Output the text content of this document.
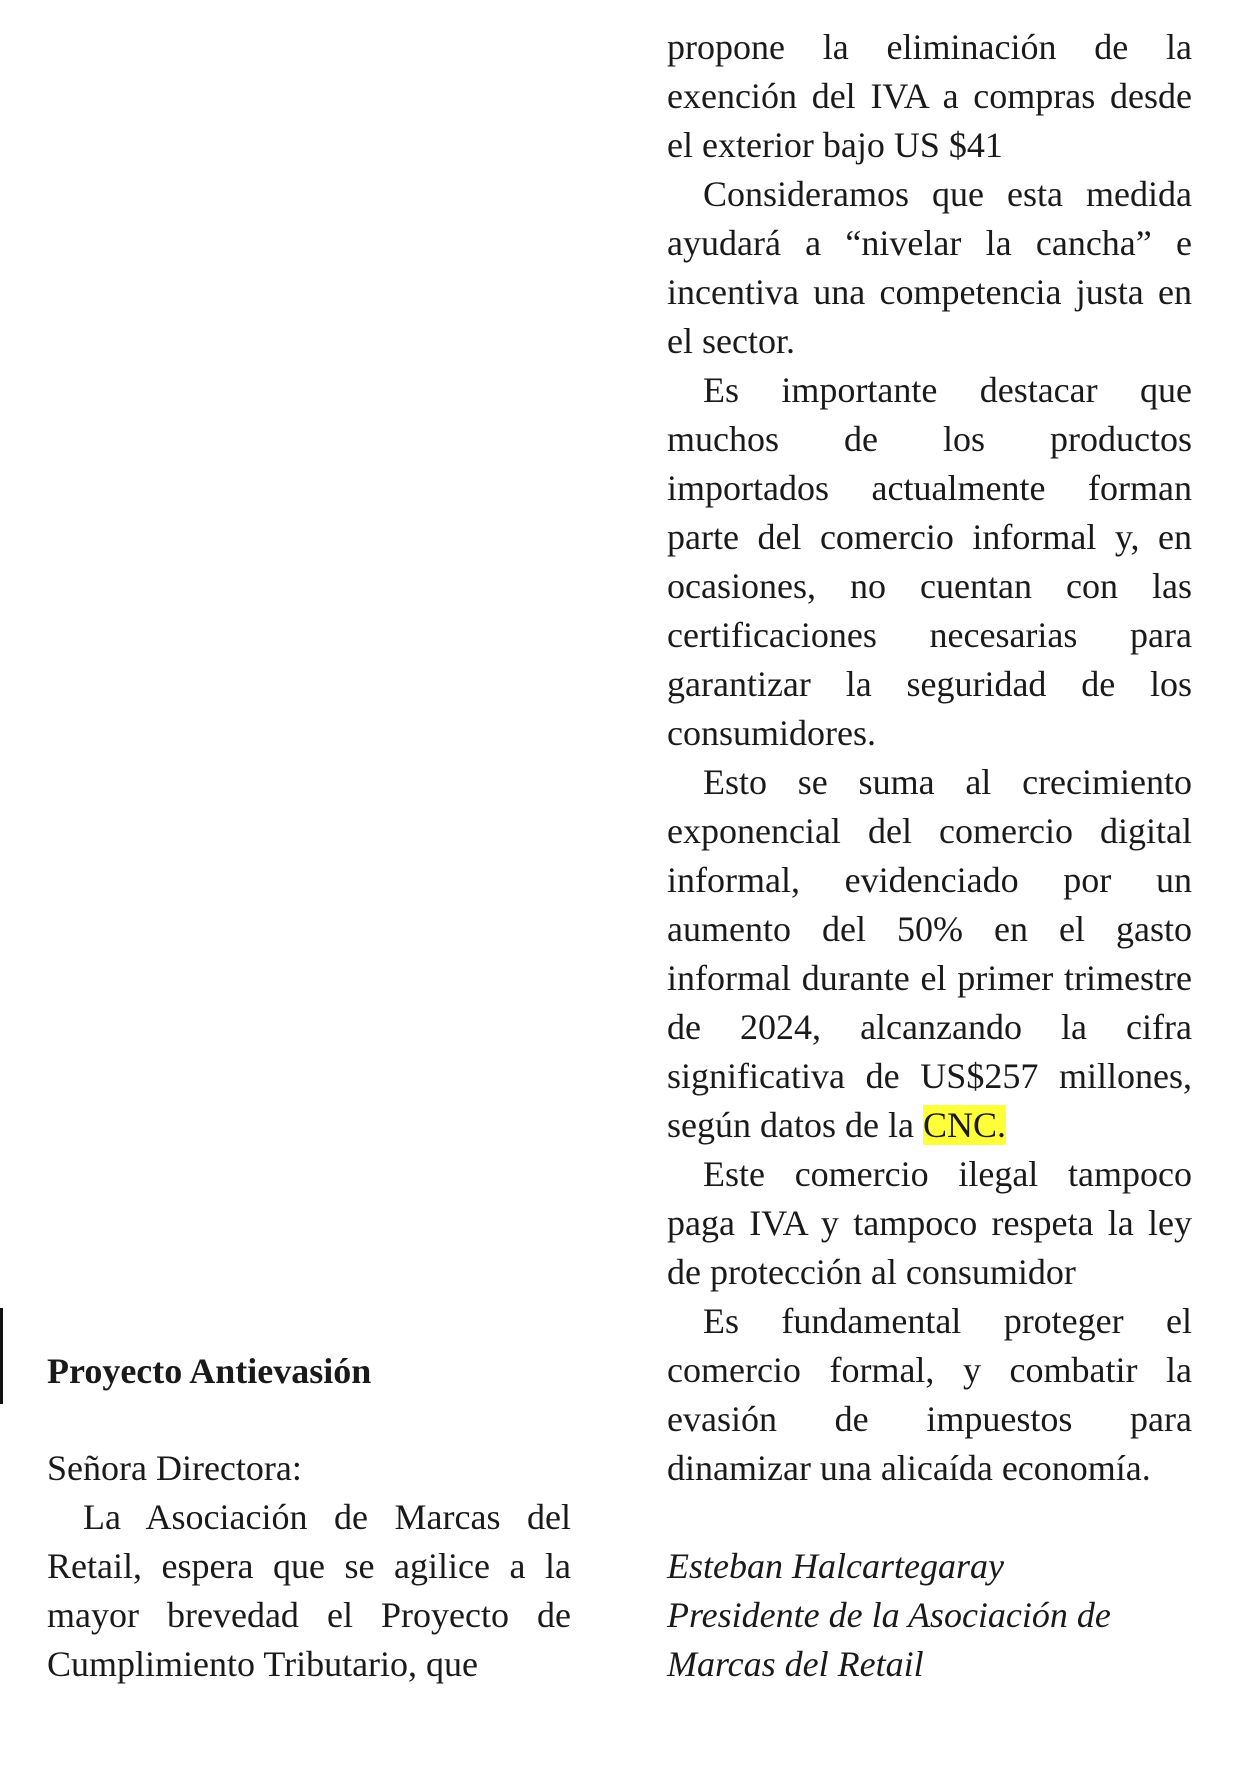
Proyecto Antievasión
Señora Directora:

La Asociación de Marcas del Retail, espera que se agilice a la mayor brevedad el Proyecto de Cumplimiento Tributario, que

propone la eliminación de la exención del IVA a compras desde el exterior bajo US $41

Consideramos que esta medida ayudará a “nivelar la cancha” e incentiva una competencia justa en el sector.

Es importante destacar que muchos de los productos importados actualmente forman parte del comercio informal y, en ocasiones, no cuentan con las certificaciones necesarias para garantizar la seguridad de los consumidores.

Esto se suma al crecimiento exponencial del comercio digital informal, evidenciado por un aumento del 50% en el gasto informal durante el primer trimestre de 2024, alcanzando la cifra significativa de US$257 millones, según datos de la CNC.

Este comercio ilegal tampoco paga IVA y tampoco respeta la ley de protección al consumidor

Es fundamental proteger el comercio formal, y combatir la evasión de impuestos para dinamizar una alicaída economía.

Esteban Halcartegaray
Presidente de la Asociación de
Marcas del Retail
